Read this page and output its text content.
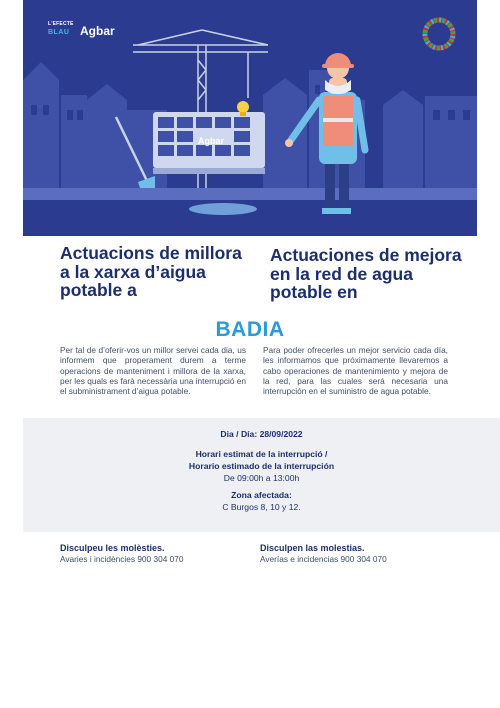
L'EFECTE
BLAU Agbar
Agbar
Actuacions de millora a la xarxa d’aigua potable a
Actuaciones de mejora en la red de agua potable en
BADIA
Per tal de d’oferir-vos un millor servei cada dia, us informem que properament durem a terme operacions de manteniment i millora de la xarxa, per les quals es farà necessària una interrupció en el subministrament d’aigua potable.
Para poder ofrecerles un mejor servicio cada día, les informamos que próximamente llevaremos a cabo operaciones de mantenimiento y mejora de la red, para las cuales será necesaria una interrupción en el suministro de agua potable.
Dia / Día: 28/09/2022
Horari estimat de la interrupció /
Horario estimado de la interrupción
De 09:00h a 13:00h
Zona afectada:
C Burgos 8, 10 y 12.
Disculpeu les molèsties.
Avaries i incidències 900 304 070
Disculpen las molestias.
Averías e incidencias 900 304 070
